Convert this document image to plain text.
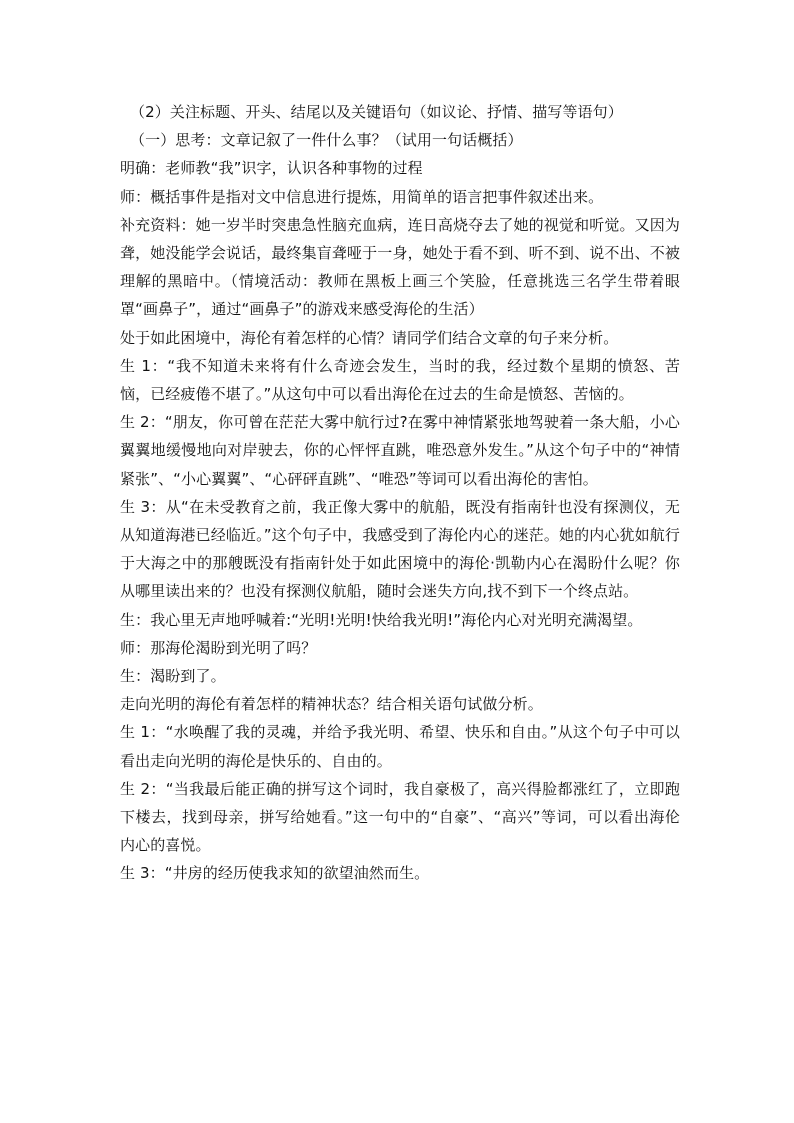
（2）关注标题、开头、结尾以及关键语句（如议论、抒情、描写等语句）

（一）思考：文章记叙了一件什么事？（试用一句话概括）

明确：老师教“我”识字，认识各种事物的过程

师：概括事件是指对文中信息进行提炼，用简单的语言把事件叙述出来。

补充资料：她一岁半时突患急性脑充血病，连日高烧夺去了她的视觉和听觉。又因为聋，她没能学会说话，最终集盲聋哑于一身，她处于看不到、听不到、说不出、不被理解的黑暗中。（情境活动：教师在黑板上画三个笑脸，任意挑选三名学生带着眼罩“画鼻子”，通过“画鼻子”的游戏来感受海伦的生活）

处于如此困境中，海伦有着怎样的心情？请同学们结合文章的句子来分析。

生 1：“我不知道未来将有什么奇迹会发生，当时的我，经过数个星期的愤怒、苦恼，已经疲倦不堪了。”从这句中可以看出海伦在过去的生命是愤怒、苦恼的。

生 2：“朋友，你可曾在茫茫大雾中航行过?在雾中神情紧张地驾驶着一条大船，小心翼翼地缓慢地向对岸驶去，你的心怦怦直跳，唯恐意外发生。”从这个句子中的“神情紧张”、“小心翼翼”、“心砰砰直跳”、“唯恐”等词可以看出海伦的害怕。

生 3：从“在未受教育之前，我正像大雾中的航船，既没有指南针也没有探测仪，无从知道海港已经临近。”这个句子中，我感受到了海伦内心的迷茫。她的内心犹如航行于大海之中的那艘既没有指南针处于如此困境中的海伦·凯勒内心在渴盼什么呢？你从哪里读出来的？也没有探测仪航船，随时会迷失方向,找不到下一个终点站。

生：我心里无声地呼喊着:“光明!光明!快给我光明!”海伦内心对光明充满渴望。

师：那海伦渴盼到光明了吗？

生：渴盼到了。

走向光明的海伦有着怎样的精神状态？结合相关语句试做分析。

生 1：“水唤醒了我的灵魂，并给予我光明、希望、快乐和自由。”从这个句子中可以看出走向光明的海伦是快乐的、自由的。

生 2：“当我最后能正确的拼写这个词时，我自豪极了，高兴得脸都涨红了，立即跑下楼去，找到母亲，拼写给她看。”这一句中的“自豪”、“高兴”等词，可以看出海伦内心的喜悦。

生 3：“井房的经历使我求知的欲望油然而生。
